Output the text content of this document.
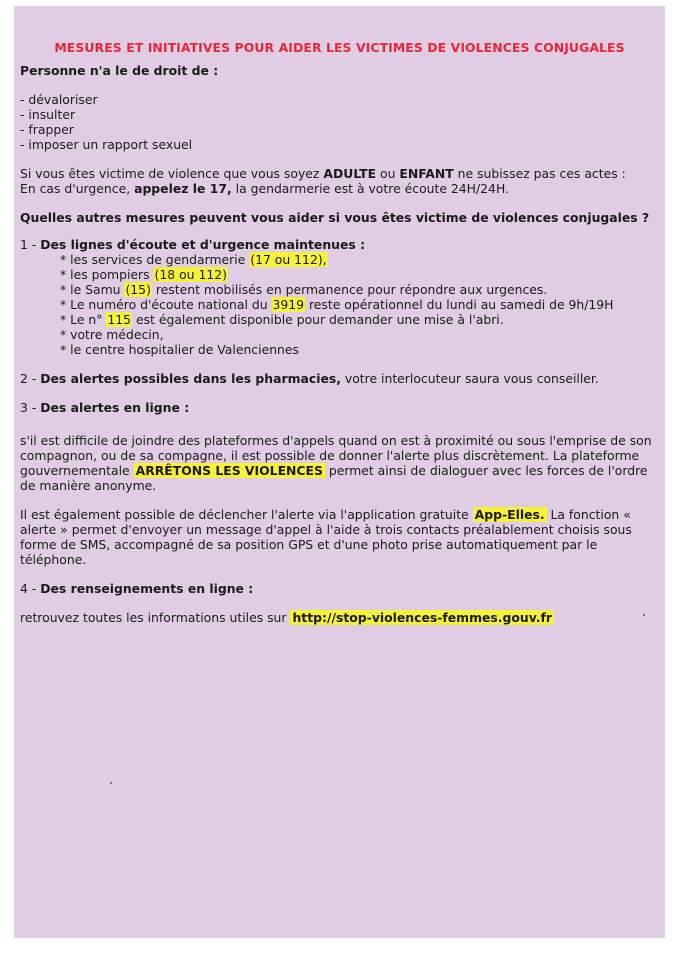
MESURES ET INITIATIVES POUR AIDER LES VICTIMES DE VIOLENCES CONJUGALES

Personne n'a le de droit de :

- dévaloriser

- insulter

- frapper

- imposer un rapport sexuel

Si vous êtes victime de violence que vous soyez ADULTE ou ENFANT ne subissez pas ces actes :

En cas d'urgence, appelez le 17, la gendarmerie est à votre écoute 24H/24H.

Quelles autres mesures peuvent vous aider si vous êtes victime de violences conjugales ?

1 - Des lignes d'écoute et d'urgence maintenues :

* les services de gendarmerie (17 ou 112),

* les pompiers (18 ou 112)

* le Samu (15) restent mobilisés en permanence pour répondre aux urgences.

* Le numéro d'écoute national du 3919 reste opérationnel du lundi au samedi de 9h/19H

* Le n° 115 est également disponible pour demander une mise à l'abri.

* votre médecin,

* le centre hospitalier de Valenciennes

2 - Des alertes possibles dans les pharmacies, votre interlocuteur saura vous conseiller.

3 - Des alertes en ligne :

s'il est difficile de joindre des plateformes d'appels quand on est à proximité ou sous l'emprise de son compagnon, ou de sa compagne, il est possible de donner l'alerte plus discrètement. La plateforme gouvernementale ARRÊTONS LES VIOLENCES permet ainsi de dialoguer avec les forces de l'ordre de manière anonyme.

Il est également possible de déclencher l'alerte via l'application gratuite App-Elles. La fonction « alerte » permet d'envoyer un message d'appel à l'aide à trois contacts préalablement choisis sous forme de SMS, accompagné de sa position GPS et d'une photo prise automatiquement par le téléphone.

4 - Des renseignements en ligne :

retrouvez toutes les informations utiles sur http://stop-violences-femmes.gouv.fr
